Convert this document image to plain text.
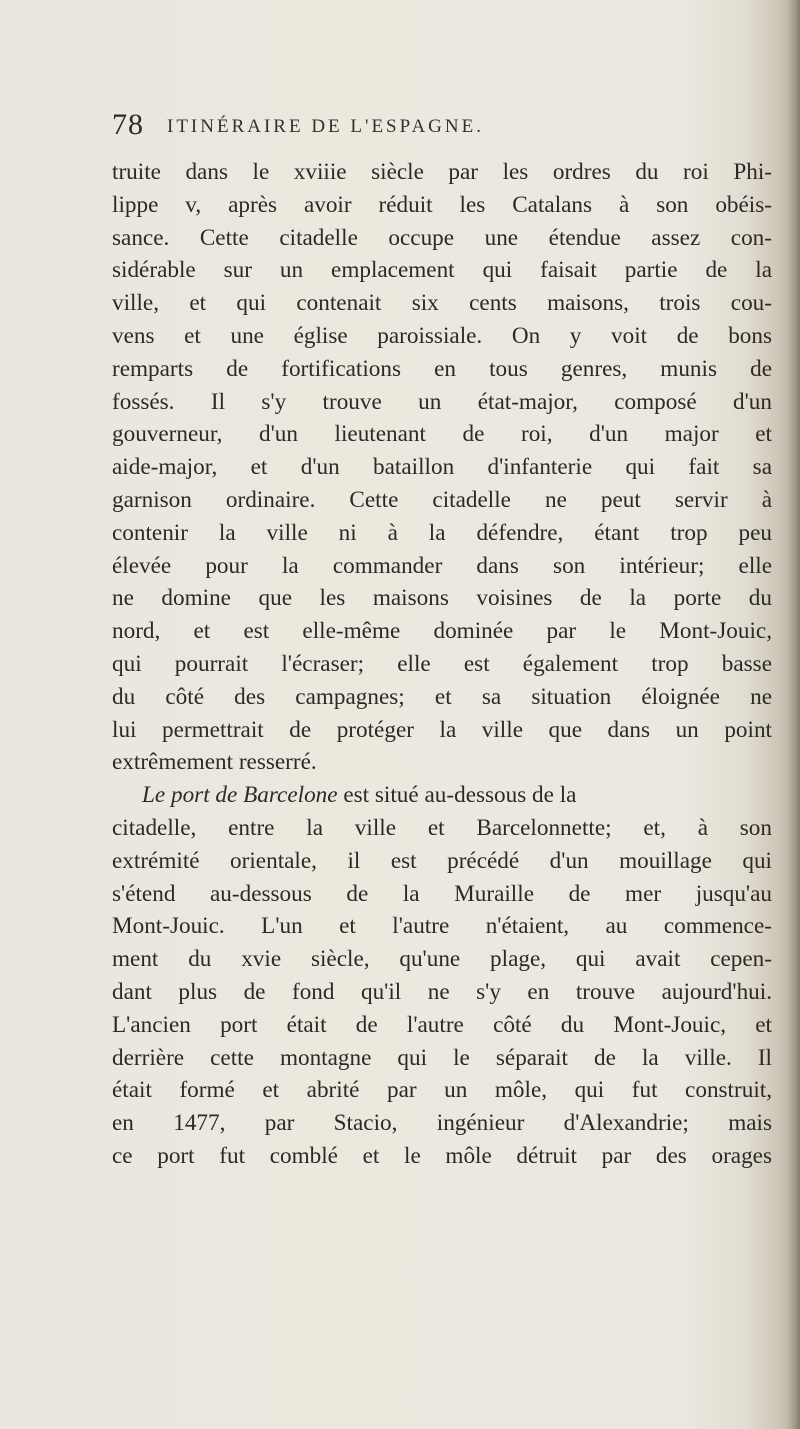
78 ITINÉRAIRE DE L'ESPAGNE.
truite dans le xviiie siècle par les ordres du roi Phi-
lippe v, après avoir réduit les Catalans à son obéis-
sance. Cette citadelle occupe une étendue assez con-
sidérable sur un emplacement qui faisait partie de la
ville, et qui contenait six cents maisons, trois cou-
vens et une église paroissiale. On y voit de bons
remparts de fortifications en tous genres, munis de
fossés. Il s'y trouve un état-major, composé d'un
gouverneur, d'un lieutenant de roi, d'un major et
aide-major, et d'un bataillon d'infanterie qui fait sa
garnison ordinaire. Cette citadelle ne peut servir à
contenir la ville ni à la défendre, étant trop peu
élevée pour la commander dans son intérieur; elle
ne domine que les maisons voisines de la porte du
nord, et est elle-même dominée par le Mont-Jouic,
qui pourrait l'écraser; elle est également trop basse
du côté des campagnes; et sa situation éloignée ne
lui permettrait de protéger la ville que dans un point
extrêmement resserré.
Le port de Barcelone est situé au-dessous de la
citadelle, entre la ville et Barcelonnette; et, à son
extrémité orientale, il est précédé d'un mouillage qui
s'étend au-dessous de la Muraille de mer jusqu'au
Mont-Jouic. L'un et l'autre n'étaient, au commence-
ment du xvie siècle, qu'une plage, qui avait cepen-
dant plus de fond qu'il ne s'y en trouve aujourd'hui.
L'ancien port était de l'autre côté du Mont-Jouic, et
derrière cette montagne qui le séparait de la ville. Il
était formé et abrité par un môle, qui fut construit,
en 1477, par Stacio, ingénieur d'Alexandrie; mais
ce port fut comblé et le môle détruit par des orages
